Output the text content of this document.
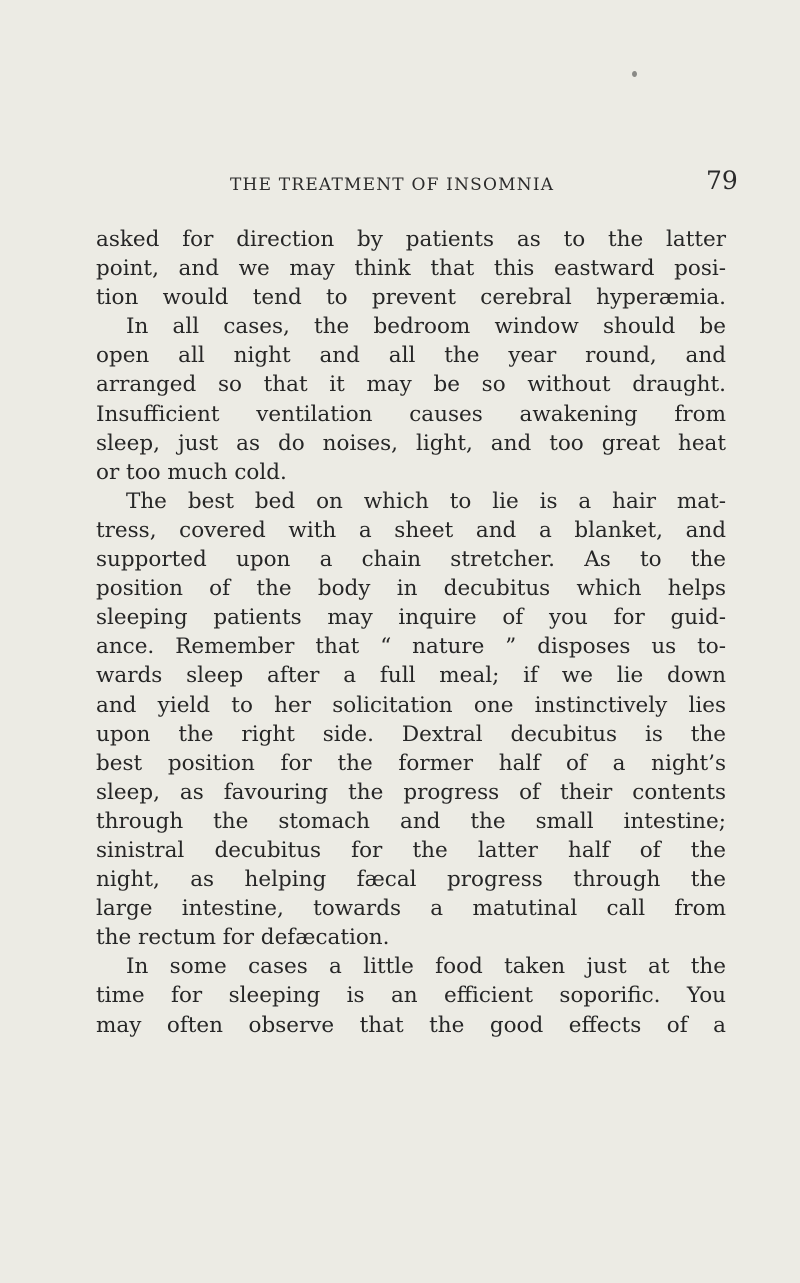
THE TREATMENT OF INSOMNIA	79

asked for direction by patients as to the latter

point, and we may think that this eastward posi-

tion would tend to prevent cerebral hyperæmia.

In all cases, the bedroom window should be

open all night and all the year round, and

arranged so that it may be so without draught.

Insufficient ventilation causes awakening from

sleep, just as do noises, light, and too great heat

or too much cold.

The best bed on which to lie is a hair mat-

tress, covered with a sheet and a blanket, and

supported upon a chain stretcher. As to the

position of the body in decubitus which helps

sleeping patients may inquire of you for guid-

ance. Remember that “ nature ” disposes us to-

wards sleep after a full meal; if we lie down

and yield to her solicitation one instinctively lies

upon the right side. Dextral decubitus is the

best position for the former half of a night’s

sleep, as favouring the progress of their contents

through the stomach and the small intestine;

sinistral decubitus for the latter half of the

night, as helping fæcal progress through the

large intestine, towards a matutinal call from

the rectum for defæcation.

In some cases a little food taken just at the

time for sleeping is an efficient soporific. You

may often observe that the good effects of a
